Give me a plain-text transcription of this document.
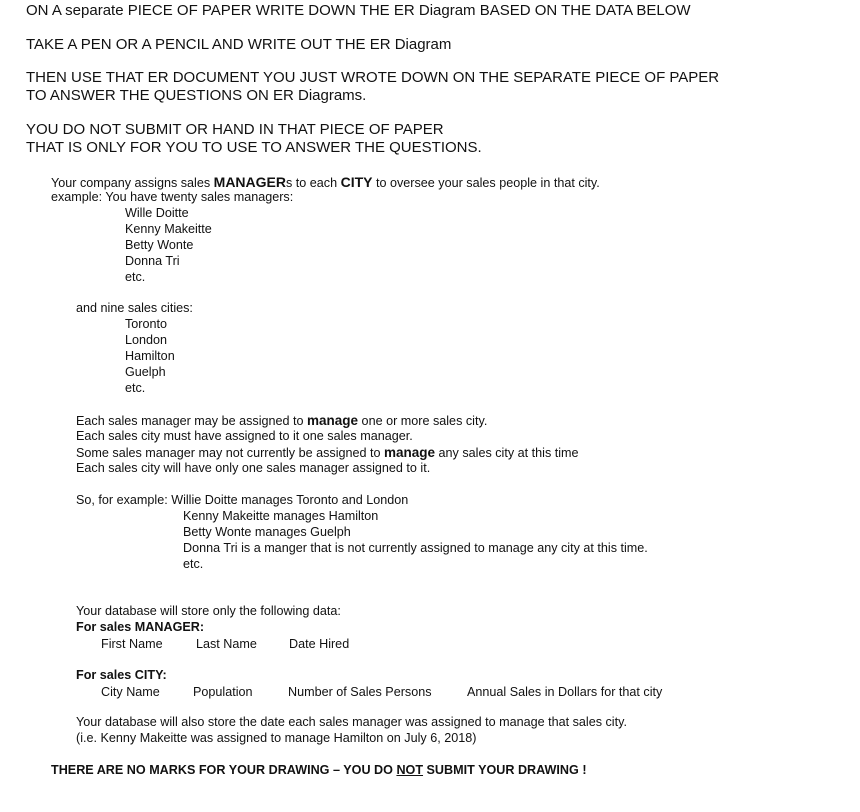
ON A separate PIECE OF PAPER WRITE DOWN THE ER Diagram BASED ON THE DATA BELOW
TAKE A PEN OR A PENCIL AND WRITE OUT THE ER Diagram
THEN USE THAT ER DOCUMENT YOU JUST WROTE DOWN ON THE SEPARATE PIECE OF PAPER
TO ANSWER THE QUESTIONS ON ER Diagrams.
YOU DO NOT SUBMIT OR HAND IN THAT PIECE OF PAPER
THAT IS ONLY FOR YOU TO USE TO ANSWER THE QUESTIONS.
Your company assigns sales MANAGERs to each CITY to oversee your sales people in that city.
example: You have twenty sales managers:
Wille Doitte
Kenny Makeitte
Betty Wonte
Donna Tri
etc.
and nine sales cities:
Toronto
London
Hamilton
Guelph
etc.
Each sales manager may be assigned to manage one or more sales city.
Each sales city must have assigned to it one sales manager.
Some sales manager may not currently be assigned to manage any sales city at this time
Each sales city will have only one sales manager assigned to it.
So, for example: Willie Doitte manages Toronto and London
Kenny Makeitte manages Hamilton
Betty Wonte manages Guelph
Donna Tri is a manger that is not currently assigned to manage any city at this time.
etc.
Your database will store only the following data:
For sales MANAGER:
First Name	Last Name	Date Hired
For sales CITY:
City Name	Population	Number of Sales Persons	Annual Sales in Dollars for that city
Your database will also store the date each sales manager was assigned to manage that sales city.
(i.e. Kenny Makeitte was assigned to manage Hamilton on July 6, 2018)
THERE ARE NO MARKS FOR YOUR DRAWING – YOU DO NOT SUBMIT YOUR DRAWING !
